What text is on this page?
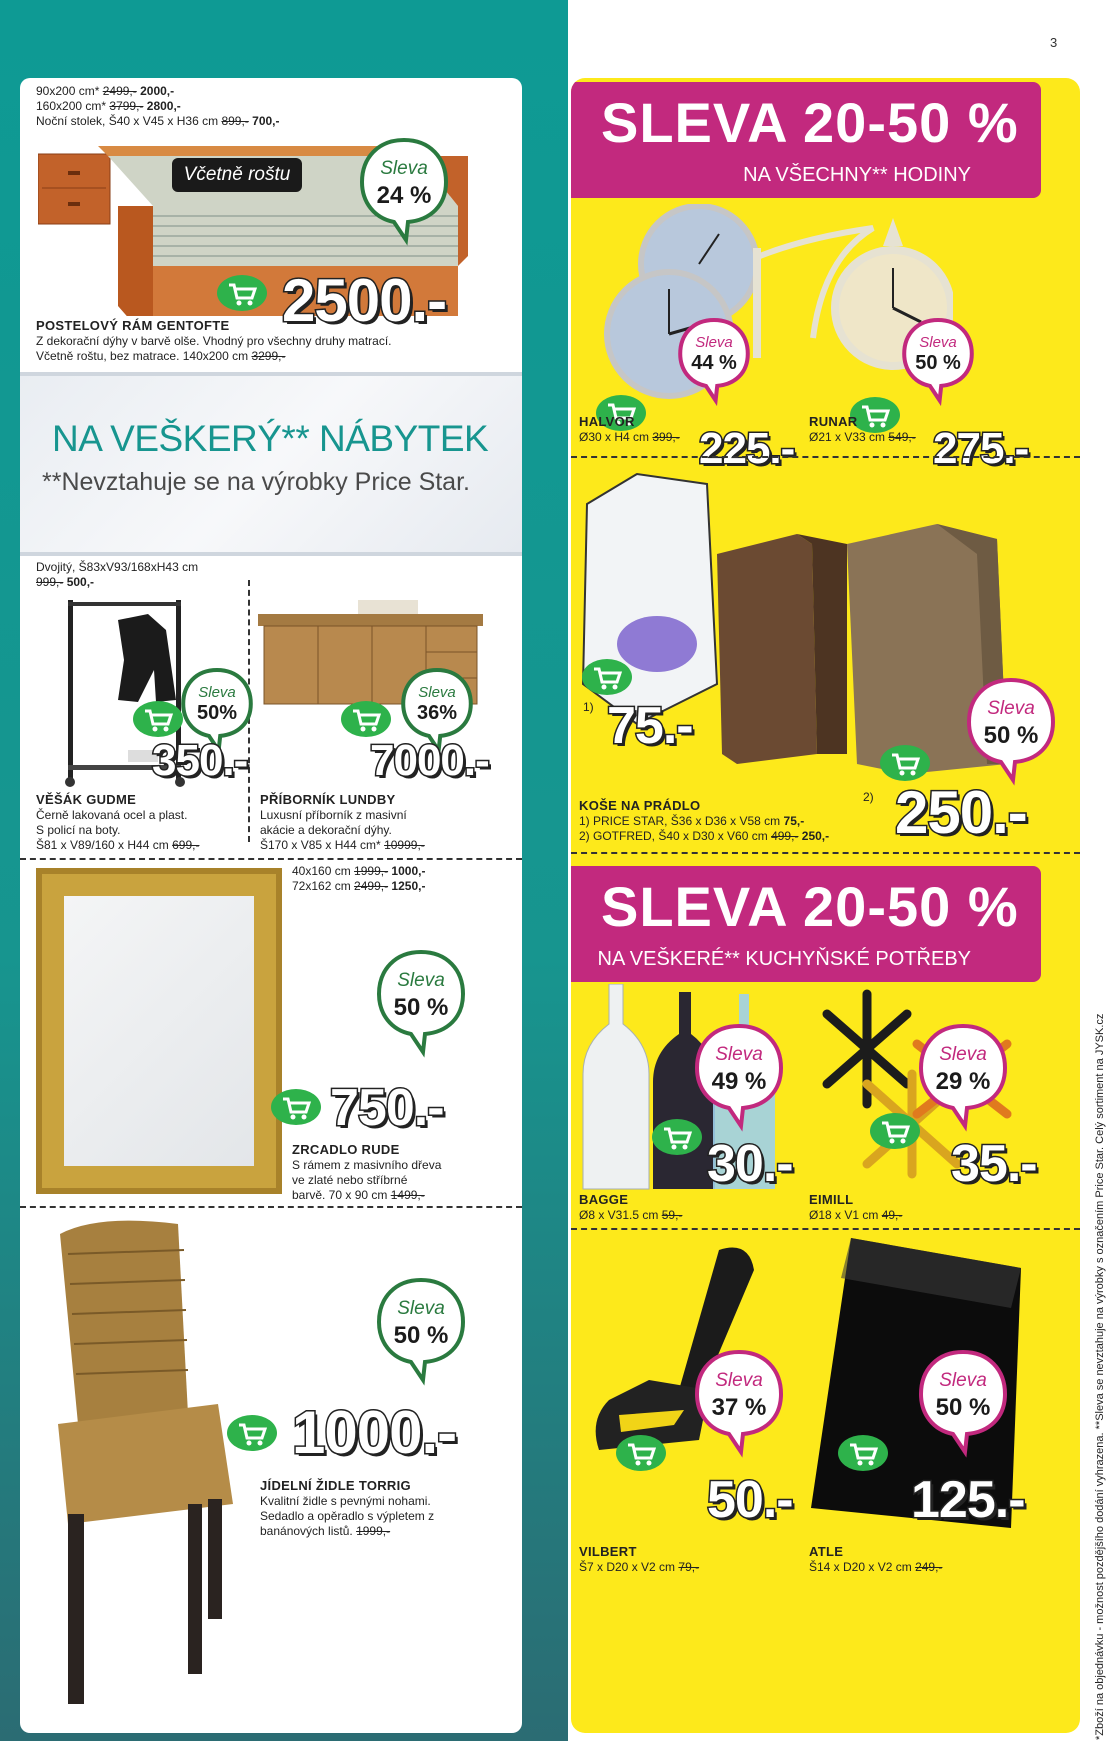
3
90x200 cm* 2499,- 2000,-
160x200 cm* 3799,- 2800,-
Noční stolek, Š40 x V45 x H36 cm 899,- 700,-
Včetně roštu	Sleva
24 %
2500.-
POSTELOVÝ RÁM GENTOFTE
Z dekorační dýhy v barvě olše. Vhodný pro všechny druhy matrací.
Včetně roštu, bez matrace. 140x200 cm 3299,-
NA VEŠKERÝ** NÁBYTEK
**Nevztahuje se na výrobky Price Star.
Dvojitý, Š83xV93/168xH43 cm
999,- 500,-
Sleva
50%
350.-
VĚŠÁK GUDME
Černě lakovaná ocel a plast.
S policí na boty.
Š81 x V89/160 x H44 cm 699,-
Sleva
36%
7000.-
PŘÍBORNÍK LUNDBY
Luxusní příborník z masivní
akácie a dekorační dýhy.
Š170 x V85 x H44 cm* 10999,-
40x160 cm 1999,- 1000,-
72x162 cm 2499,- 1250,-
Sleva
50 %
750.-
ZRCADLO RUDE
S rámem z masivního dřeva
ve zlaté nebo stříbrné
barvě. 70 x 90 cm 1499,-
Sleva
50 %
1000.-
JÍDELNÍ ŽIDLE TORRIG
Kvalitní židle s pevnými nohami.
Sedadlo a opěradlo s výpletem z
banánových listů. 1999,-
SLEVA 20-50 %
NA VŠECHNY** HODINY
Sleva
44 %
Sleva
50 %
225.-	275.-
HALVOR
Ø30 x H4 cm 399,-
RUNAR
Ø21 x V33 cm 549,-
1) 75.-	Sleva
50 %
2) 250.-
KOŠE NA PRÁDLO
1) PRICE STAR, Š36 x D36 x V58 cm 75,-
2) GOTFRED, Š40 x D30 x V60 cm 499,- 250,-
SLEVA 20-50 %
NA VEŠKERÉ** KUCHYŇSKÉ POTŘEBY
Sleva
49 %
Sleva
29 %
30.-	35.-
BAGGE
Ø8 x V31.5 cm 59,-
EIMILL
Ø18 x V1 cm 49,-
Sleva
37 %
Sleva
50 %
50.- 125.-
VILBERT
Š7 x D20 x V2 cm 79,-
ATLE
Š14 x D20 x V2 cm 249,-	*Zboží na objednávku - možnost pozdějšího dodání vyhrazena. **Sleva se nevztahuje na výrobky s označením Price Star. Celý sortiment na JYSK.cz
